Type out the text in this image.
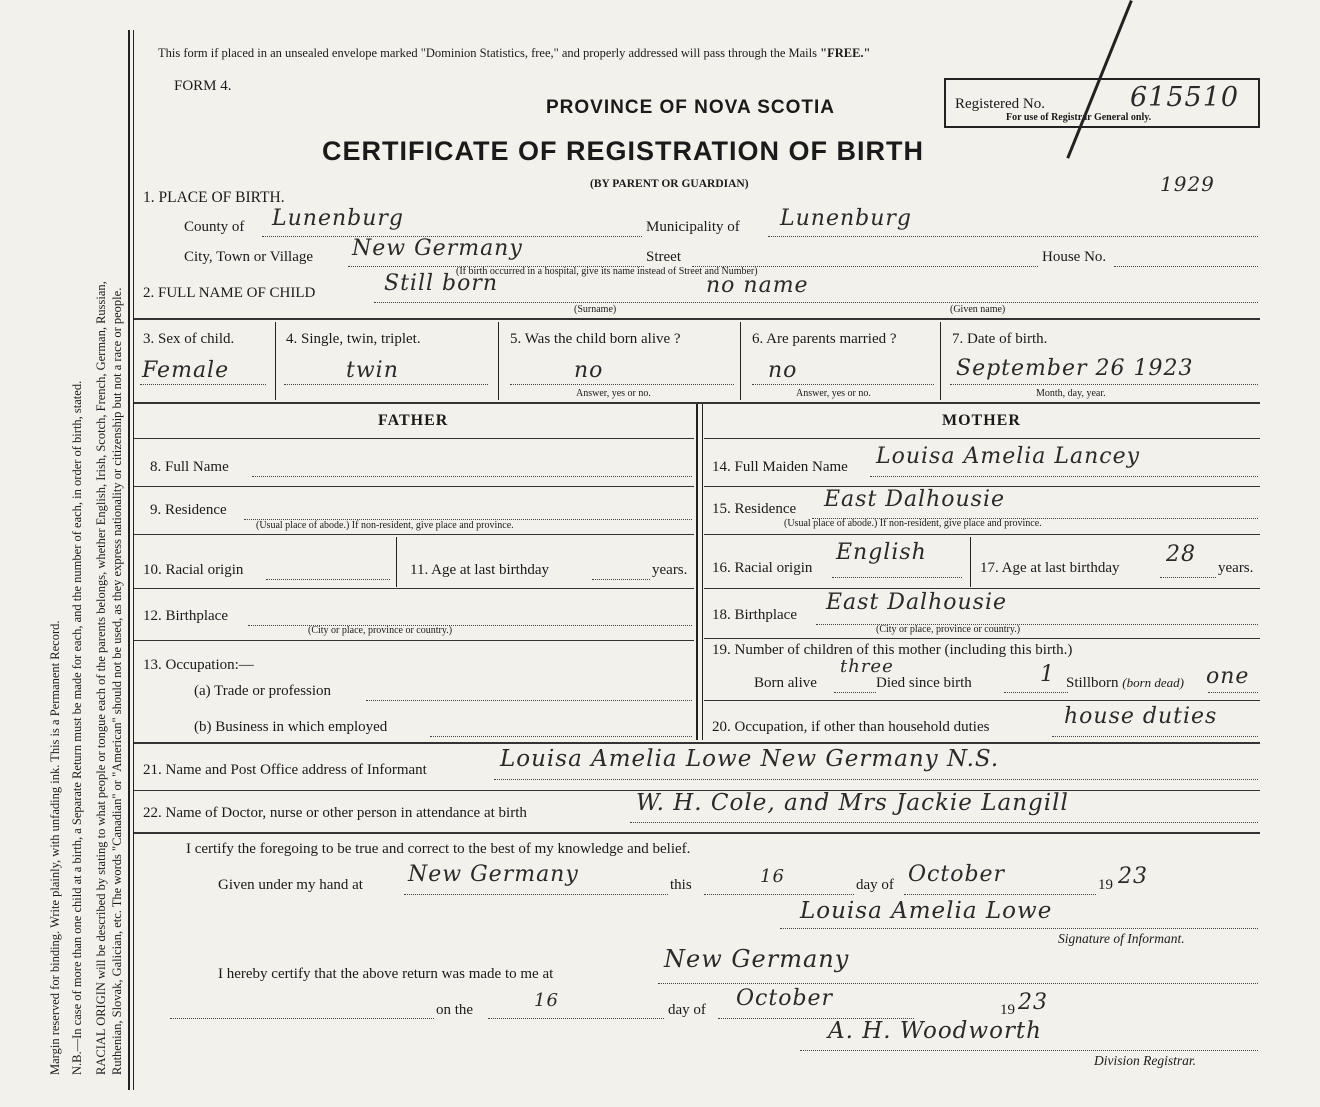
Margin reserved for binding. Write plainly, with unfading ink. This is a Permanent Record. N.B.—In case of more than one child at a birth, a Separate Return must be made for each, and the number of each, in order of birth, stated. RACIAL ORIGIN will be described by stating to what people or tongue each of the parents belongs, whether English, Irish, Scotch, French, German, Russian, Ruthenian, Slovak, Galician, etc. The words "Canadian" or "American" should not be used, as they express nationality or citizenship but not a race or people.
This form if placed in an unsealed envelope marked "Dominion Statistics, free," and properly addressed will pass through the Mails "FREE."
FORM 4.
PROVINCE OF NOVA SCOTIA
CERTIFICATE OF REGISTRATION OF BIRTH
(BY PARENT OR GUARDIAN)
Registered No.	615510
For use of Registrar General only.
1929
1. PLACE OF BIRTH.
County of Lunenburg	Municipality of Lunenburg
City, Town or Village New Germany	Street	House No.
(If birth occurred in a hospital, give its name instead of Street and Number)
2. FULL NAME OF CHILD	Still born	no name
(Surname)	(Given name)
3. Sex of child.
Female
4. Single, twin, triplet.
twin
5. Was the child born alive ?
no
Answer, yes or no.
6. Are parents married ?
no
Answer, yes or no.
7. Date of birth.
September 26 1923
Month, day, year.
FATHER
8. Full Name
9. Residence
(Usual place of abode.) If non-resident, give place and province.
10. Racial origin	11. Age at last birthday	years.
12. Birthplace
(City or place, province or country.)
13. Occupation:—
(a) Trade or profession
(b) Business in which employed
MOTHER
14. Full Maiden Name Louisa Amelia Lancey
15. Residence East Dalhousie
(Usual place of abode.) If non-resident, give place and province.
16. Racial origin
English
17. Age at last birthday
28
years.
18. Birthplace East Dalhousie
(City or place, province or country.)
19. Number of children of this mother (including this birth.)
Born alive
three
Died since birth	1 Stillborn (born dead) one
20. Occupation, if other than household duties	house duties
21. Name and Post Office address of Informant	Louisa Amelia Lowe New Germany N.S.
22. Name of Doctor, nurse or other person in attendance at birth	W. H. Cole, and Mrs Jackie Langill
I certify the foregoing to be true and correct to the best of my knowledge and belief.
Given under my hand at New Germany	this	16	day of October	19 23
Louisa Amelia Lowe
Signature of Informant.
I hereby certify that the above return was made to me at
New Germany
on the	16	day of October	19 23
A. H. Woodworth
Division Registrar.
